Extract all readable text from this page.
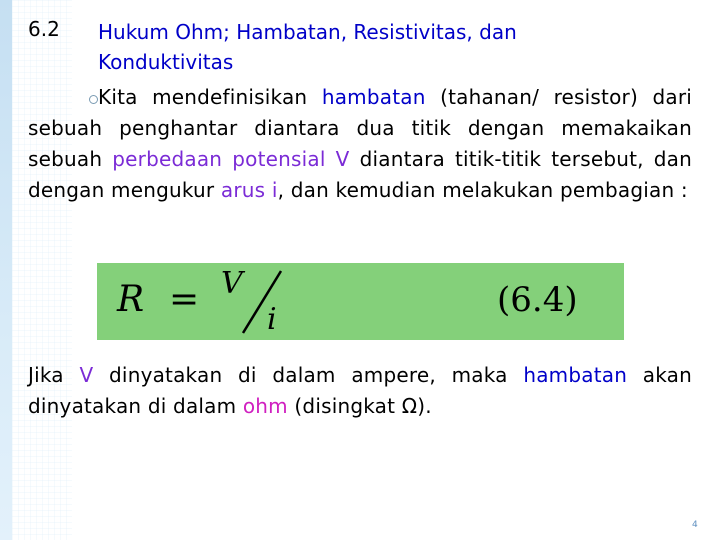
6.2 Hukum Ohm; Hambatan, Resistivitas, dan
Konduktivitas
Kita mendefinisikan hambatan (tahanan/ resistor) dari sebuah penghantar diantara dua titik dengan memakaikan sebuah perbedaan potensial V diantara titik-titik tersebut, dan dengan mengukur arus i, dan kemudian melakukan pembagian :
R = V
i	(6.4)
Jika V dinyatakan di dalam ampere, maka hambatan akan dinyatakan di dalam ohm (disingkat Ω).
4
